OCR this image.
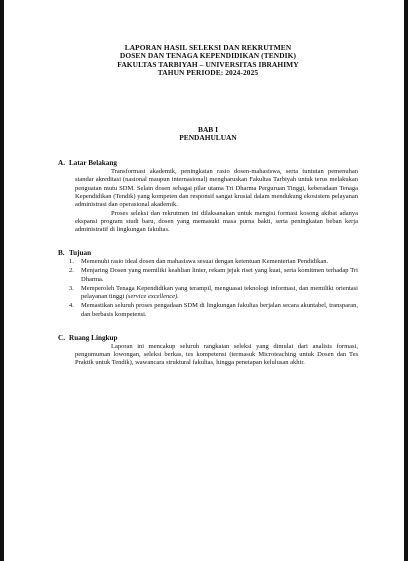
LAPORAN HASIL SELEKSI DAN REKRUTMEN
DOSEN DAN TENAGA KEPENDIDIKAN (TENDIK)
FAKULTAS TARBIYAH – UNIVERSITAS IBRAHIMY
TAHUN PERIODE: 2024-2025
BAB I
PENDAHULUAN
A. Latar Belakang

Transformasi akademik, peningkatan rasio dosen-mahasiswa, serta tuntutan pemenuhan standar akreditasi (nasional maupun internasional) mengharuskan Fakultas Tarbiyah untuk terus melakukan penguatan mutu SDM. Selain dosen sebagai pilar utama Tri Dharma Perguruan Tinggi, keberadaan Tenaga Kependidikan (Tendik) yang kompeten dan responsif sangat krusial dalam mendukung ekosistem pelayanan administrasi dan operasional akademik.

Proses seleksi dan rekrutmen ini dilaksanakan untuk mengisi formasi kosong akibat adanya ekspansi program studi baru, dosen yang memasuki masa purna bakti, serta peningkatan beban kerja administratif di lingkungan fakultas.

B. Tujuan
1.	Memenuhi rasio ideal dosen dan mahasiswa sesuai dengan ketentuan Kementerian Pendidikan.
2.	Menjaring Dosen yang memiliki keahlian linier, rekam jejak riset yang kuat, serta komitmen terhadap Tri Dharma.
3.	Memperoleh Tenaga Kependidikan yang terampil, menguasai teknologi informasi, dan memiliki orientasi pelayanan tinggi (service excellence).
4.	Memastikan seluruh proses pengadaan SDM di lingkungan fakultas berjalan secara akuntabel, transparan, dan berbasis kompetensi.
C. Ruang Lingkup

Laporan ini mencakup seluruh rangkaian seleksi yang dimulai dari analisis formasi, pengumuman lowongan, seleksi berkas, tes kompetensi (termasuk Microteaching untuk Dosen dan Tes Praktik untuk Tendik), wawancara struktural fakultas, hingga penetapan kelulusan akhir.
